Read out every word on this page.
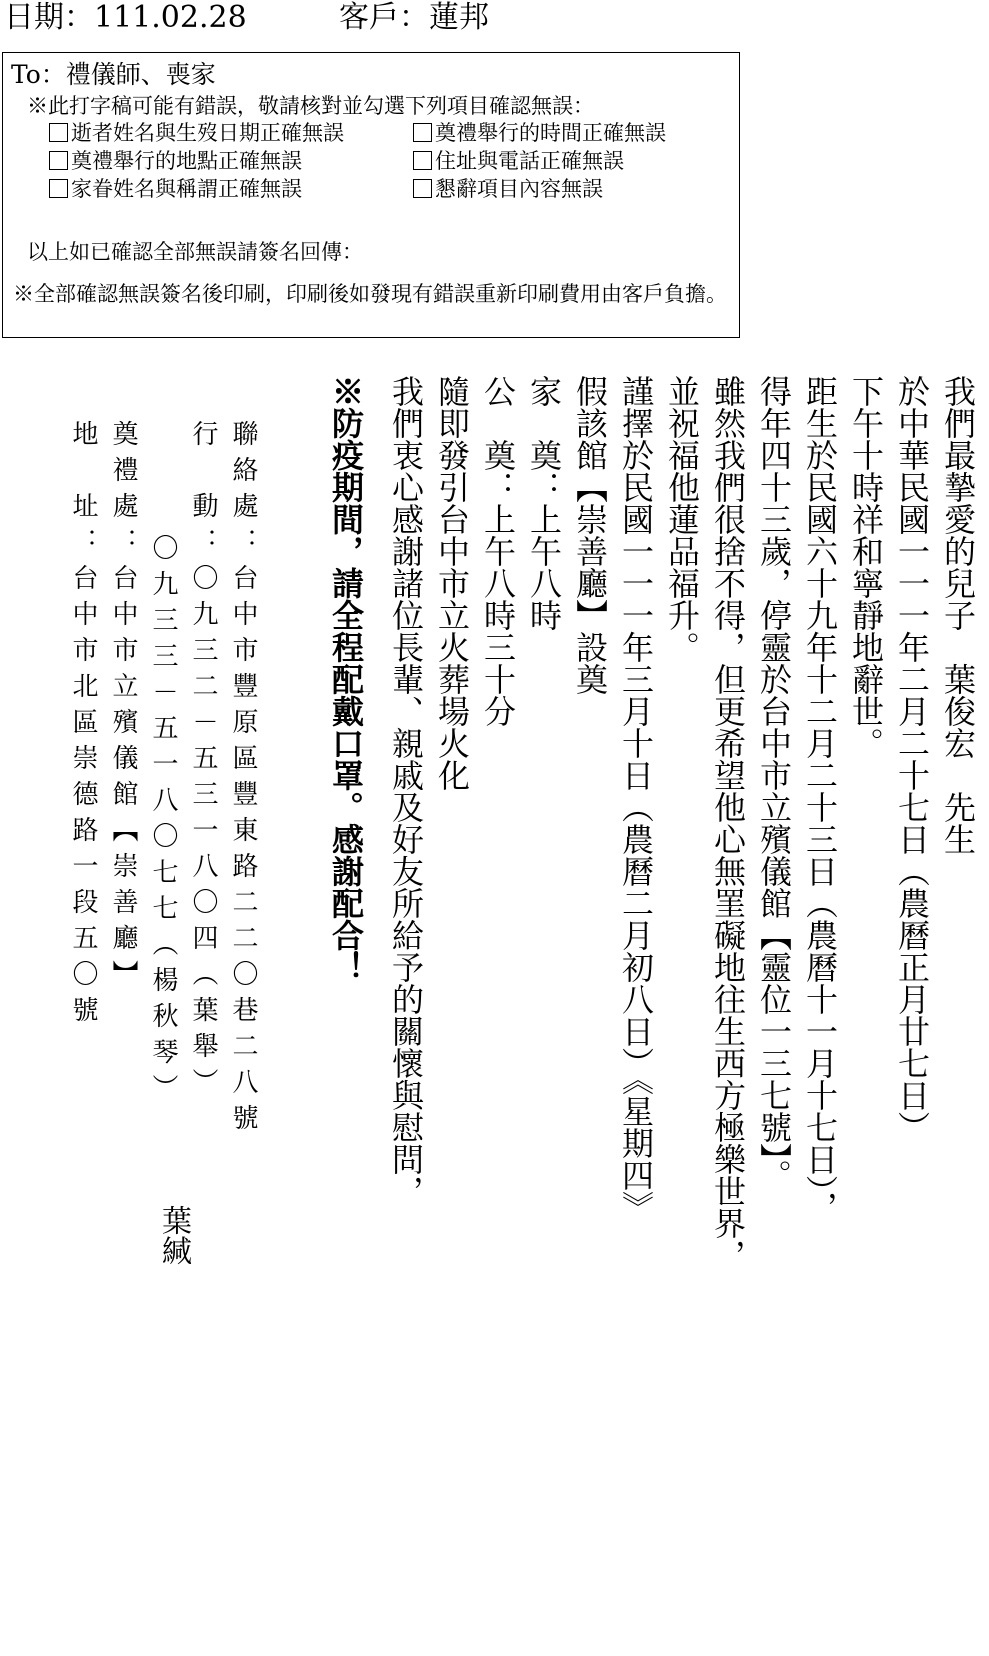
日期：111.02.28	客戶：蓮邦
To：禮儀師、喪家
※此打字稿可能有錯誤，敬請核對並勾選下列項目確認無誤：
逝者姓名與生歿日期正確無誤	奠禮舉行的時間正確無誤
奠禮舉行的地點正確無誤	住址與電話正確無誤
家眷姓名與稱謂正確無誤	懇辭項目內容無誤
以上如已確認全部無誤請簽名回傳：
※全部確認無誤簽名後印刷，印刷後如發現有錯誤重新印刷費用由客戶負擔。
我們最摯愛的兒子　葉俊宏　先生
於中華民國一一一年二月二十七日（農曆正月廿七日）
下午十時祥和寧靜地辭世。
距生於民國六十九年十二月二十三日（農曆十一月十七日），
得年四十三歲，停靈於台中市立殯儀館【靈位一三七號】。
雖然我們很捨不得，但更希望他心無罣礙地往生西方極樂世界，
並祝福他蓮品福升。
謹擇於民國一一一年三月十日（農曆二月初八日）《星期四》
假該館【崇善廳】設奠
家　奠：上午八時
公　奠：上午八時三十分
隨即發引台中市立火葬場火化
我們衷心感謝諸位長輩、親戚及好友所給予的關懷與慰問，
※防疫期間，請全程配戴口罩。感謝配合！
聯絡處：台中市豐原區豐東路二二〇巷二八號
行　動：〇九三二－五三一八〇四（葉舉）
〇九三三－五一八〇七七（楊秋琴）
奠禮處：台中市立殯儀館【崇善廳】
地　址：台中市北區崇德路一段五〇號
葉緘
